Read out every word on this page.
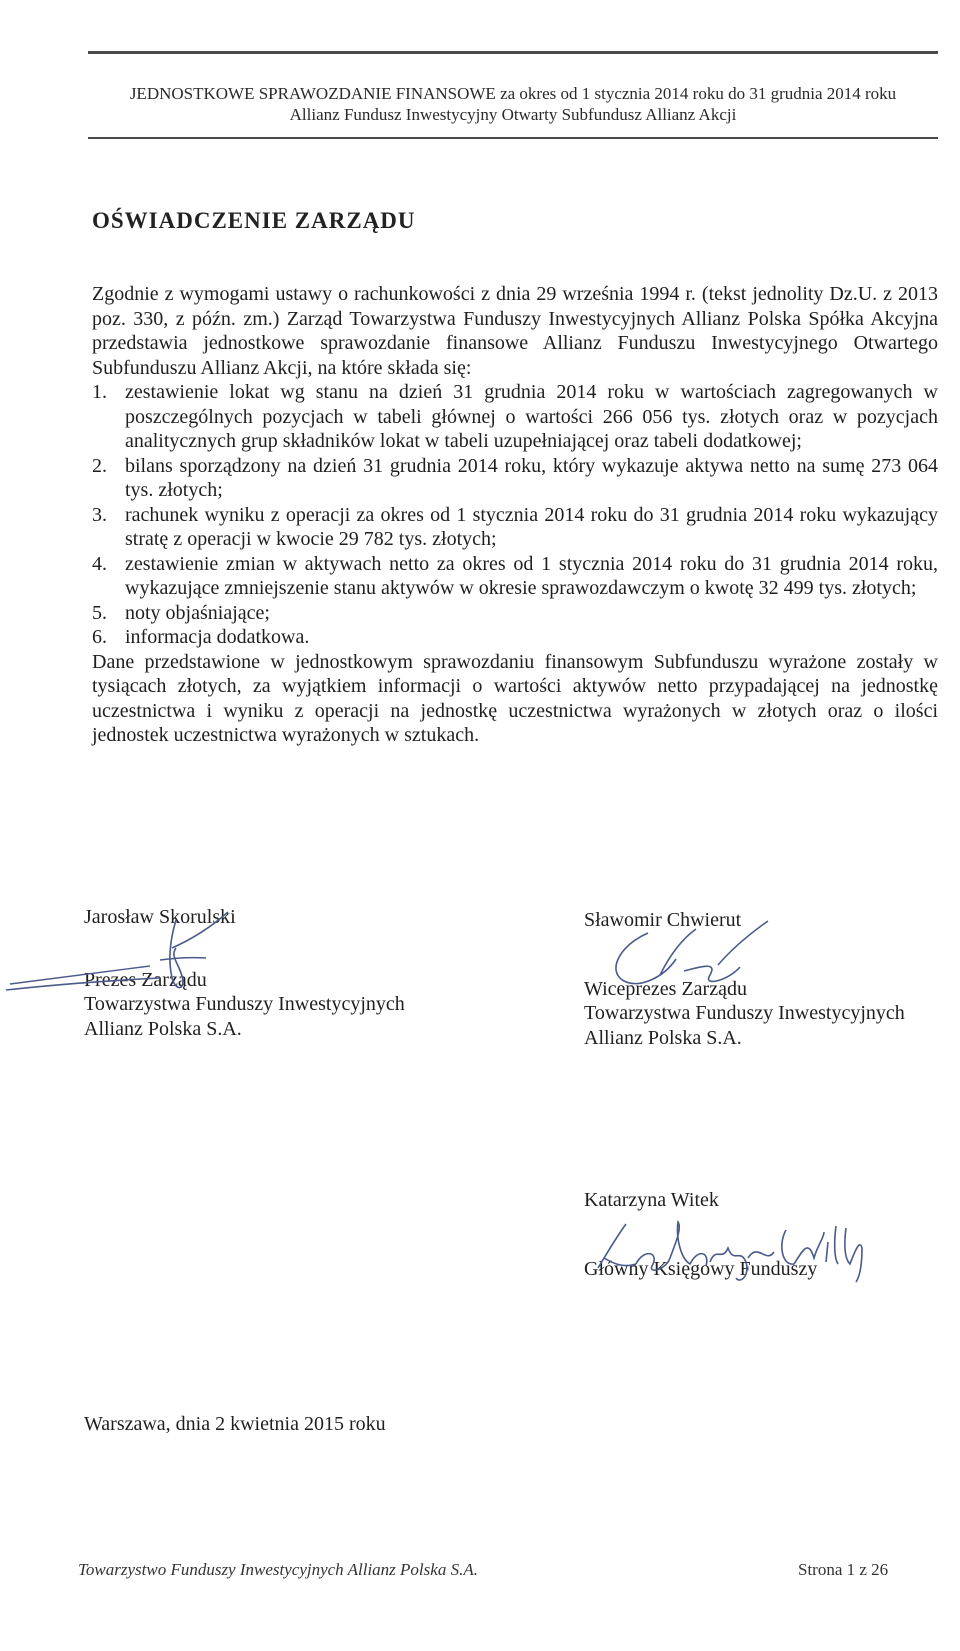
JEDNOSTKOWE SPRAWOZDANIE FINANSOWE za okres od 1 stycznia 2014 roku do 31 grudnia 2014 roku
Allianz Fundusz Inwestycyjny Otwarty Subfundusz Allianz Akcji
OŚWIADCZENIE ZARZĄDU

Zgodnie z wymogami ustawy o rachunkowości z dnia 29 września 1994 r. (tekst jednolity Dz.U. z 2013 poz. 330, z późn. zm.) Zarząd Towarzystwa Funduszy Inwestycyjnych Allianz Polska Spółka Akcyjna przedstawia jednostkowe sprawozdanie finansowe Allianz Funduszu Inwestycyjnego Otwartego Subfunduszu Allianz Akcji, na które składa się:

1. zestawienie lokat wg stanu na dzień 31 grudnia 2014 roku w wartościach zagregowanych w poszczególnych pozycjach w tabeli głównej o wartości 266 056 tys. złotych oraz w pozycjach analitycznych grup składników lokat w tabeli uzupełniającej oraz tabeli dodatkowej;
2. bilans sporządzony na dzień 31 grudnia 2014 roku, który wykazuje aktywa netto na sumę 273 064 tys. złotych;
3. rachunek wyniku z operacji za okres od 1 stycznia 2014 roku do 31 grudnia 2014 roku wykazujący stratę z operacji w kwocie 29 782 tys. złotych;
4. zestawienie zmian w aktywach netto za okres od 1 stycznia 2014 roku do 31 grudnia 2014 roku, wykazujące zmniejszenie stanu aktywów w okresie sprawozdawczym o kwotę 32 499 tys. złotych;
5. noty objaśniające;
6. informacja dodatkowa.

Dane przedstawione w jednostkowym sprawozdaniu finansowym Subfunduszu wyrażone zostały w tysiącach złotych, za wyjątkiem informacji o wartości aktywów netto przypadającej na jednostkę uczestnictwa i wyniku z operacji na jednostkę uczestnictwa wyrażonych w złotych oraz o ilości jednostek uczestnictwa wyrażonych w sztukach.

Jarosław Skorulski
Prezes Zarządu
Towarzystwa Funduszy Inwestycyjnych
Allianz Polska S.A.
Sławomir Chwierut
Wiceprezes Zarządu
Towarzystwa Funduszy Inwestycyjnych
Allianz Polska S.A.
Katarzyna Witek
Główny Księgowy Funduszy
Warszawa, dnia 2 kwietnia 2015 roku
Towarzystwo Funduszy Inwestycyjnych Allianz Polska S.A.	Strona 1 z 26
